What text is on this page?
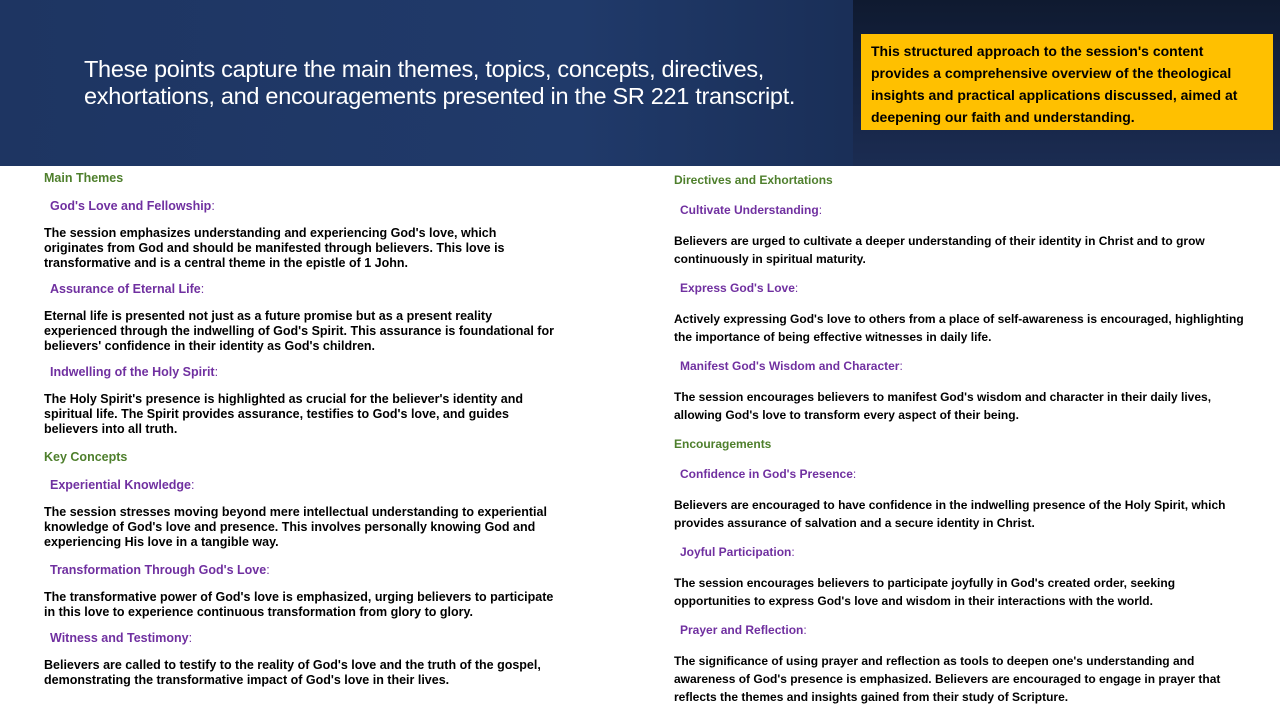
These points capture the main themes, topics, concepts, directives, exhortations, and encouragements presented in the SR 221 transcript.
This structured approach to the session's content provides a comprehensive overview of the theological insights and practical applications discussed, aimed at deepening our faith and understanding.
Main Themes
God's Love and Fellowship:
The session emphasizes understanding and experiencing God's love, which originates from God and should be manifested through believers. This love is transformative and is a central theme in the epistle of 1 John.
Assurance of Eternal Life:
Eternal life is presented not just as a future promise but as a present reality experienced through the indwelling of God's Spirit. This assurance is foundational for believers' confidence in their identity as God's children.
Indwelling of the Holy Spirit:
The Holy Spirit's presence is highlighted as crucial for the believer's identity and spiritual life. The Spirit provides assurance, testifies to God's love, and guides believers into all truth.
Key Concepts
Experiential Knowledge:
The session stresses moving beyond mere intellectual understanding to experiential knowledge of God's love and presence. This involves personally knowing God and experiencing His love in a tangible way.
Transformation Through God's Love:
The transformative power of God's love is emphasized, urging believers to participate in this love to experience continuous transformation from glory to glory.
Witness and Testimony:
Believers are called to testify to the reality of God's love and the truth of the gospel, demonstrating the transformative impact of God's love in their lives.
Directives and Exhortations
Cultivate Understanding:
Believers are urged to cultivate a deeper understanding of their identity in Christ and to grow continuously in spiritual maturity.
Express God's Love:
Actively expressing God's love to others from a place of self-awareness is encouraged, highlighting the importance of being effective witnesses in daily life.
Manifest God's Wisdom and Character:
The session encourages believers to manifest God's wisdom and character in their daily lives, allowing God's love to transform every aspect of their being.
Encouragements
Confidence in God's Presence:
Believers are encouraged to have confidence in the indwelling presence of the Holy Spirit, which provides assurance of salvation and a secure identity in Christ.
Joyful Participation:
The session encourages believers to participate joyfully in God's created order, seeking opportunities to express God's love and wisdom in their interactions with the world.
Prayer and Reflection:
The significance of using prayer and reflection as tools to deepen one's understanding and awareness of God's presence is emphasized. Believers are encouraged to engage in prayer that reflects the themes and insights gained from their study of Scripture.
